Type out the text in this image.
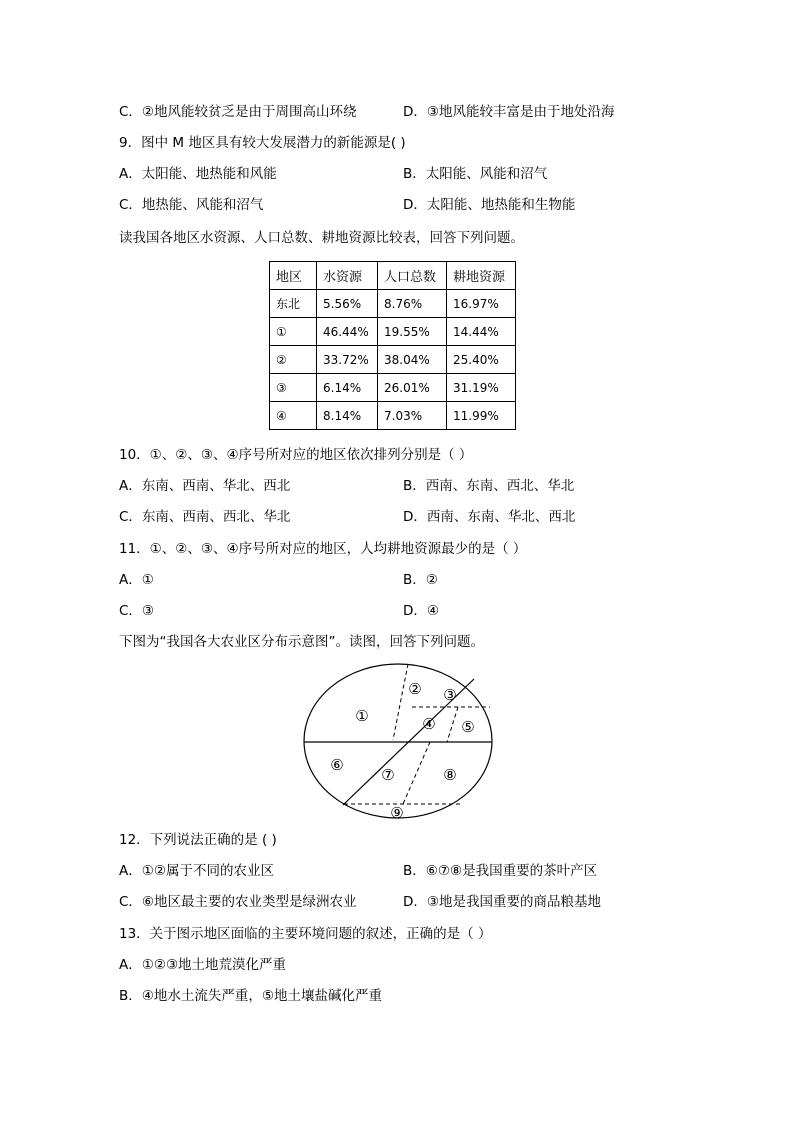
C．②地风能较贫乏是由于周围高山环绕	D．③地风能较丰富是由于地处沿海
9．图中 M 地区具有较大发展潜力的新能源是( )
A．太阳能、地热能和风能	B．太阳能、风能和沼气
C．地热能、风能和沼气	D．太阳能、地热能和生物能
读我国各地区水资源、人口总数、耕地资源比较表，回答下列问题。
地区	水资源	人口总数	耕地资源
东北	5.56%	8.76%	16.97%
①	46.44%	19.55%	14.44%
②	33.72%	38.04%	25.40%
③	6.14%	26.01%	31.19%
④	8.14%	7.03%	11.99%
10．①、②、③、④序号所对应的地区依次排列分别是（ ）
A．东南、西南、华北、西北	B．西南、东南、西北、华北
C．东南、西南、西北、华北	D．西南、东南、华北、西北
11．①、②、③、④序号所对应的地区，人均耕地资源最少的是（ ）
A．①	B．②
C．③	D．④
下图为“我国各大农业区分布示意图”。读图，回答下列问题。
①
② ③
④ ⑤
⑥
⑦	⑧
⑨
12．下列说法正确的是 ( )
A．①②属于不同的农业区	B．⑥⑦⑧是我国重要的茶叶产区
C．⑥地区最主要的农业类型是绿洲农业	D．③地是我国重要的商品粮基地
13．关于图示地区面临的主要环境问题的叙述，正确的是（ ）
A．①②③地土地荒漠化严重
B．④地水土流失严重，⑤地土壤盐碱化严重
